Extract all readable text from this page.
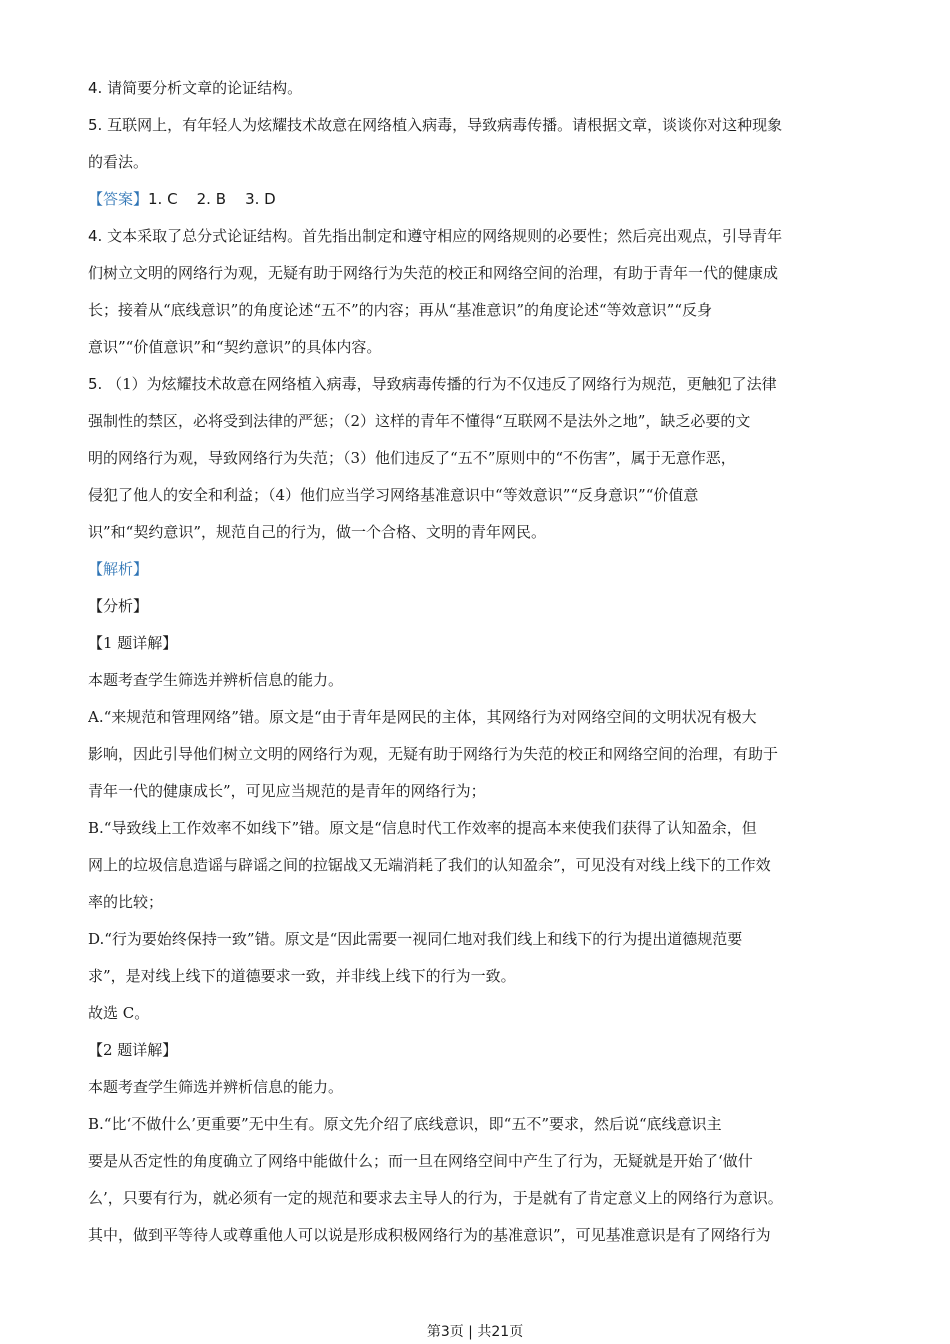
4. 请简要分析文章的论证结构。
5. 互联网上，有年轻人为炫耀技术故意在网络植入病毒，导致病毒传播。请根据文章，谈谈你对这种现象
的看法。
【答案】1. C    2. B    3. D
4. 文本采取了总分式论证结构。首先指出制定和遵守相应的网络规则的必要性；然后亮出观点，引导青年
们树立文明的网络行为观，无疑有助于网络行为失范的校正和网络空间的治理，有助于青年一代的健康成
长；接着从“底线意识”的角度论述“五不”的内容；再从“基准意识”的角度论述“等效意识”“反身
意识”“价值意识”和“契约意识”的具体内容。
5. （1）为炫耀技术故意在网络植入病毒，导致病毒传播的行为不仅违反了网络行为规范，更触犯了法律
强制性的禁区，必将受到法律的严惩；（2）这样的青年不懂得“互联网不是法外之地”，缺乏必要的文
明的网络行为观，导致网络行为失范；（3）他们违反了“五不”原则中的“不伤害”，属于无意作恶，
侵犯了他人的安全和利益；（4）他们应当学习网络基准意识中“等效意识”“反身意识”“价值意
识”和“契约意识”，规范自己的行为，做一个合格、文明的青年网民。
【解析】
【分析】
【1 题详解】
本题考查学生筛选并辨析信息的能力。
A.“来规范和管理网络”错。原文是“由于青年是网民的主体，其网络行为对网络空间的文明状况有极大
影响，因此引导他们树立文明的网络行为观，无疑有助于网络行为失范的校正和网络空间的治理，有助于
青年一代的健康成长”，可见应当规范的是青年的网络行为；
B.“导致线上工作效率不如线下”错。原文是“信息时代工作效率的提高本来使我们获得了认知盈余，但
网上的垃圾信息造谣与辟谣之间的拉锯战又无端消耗了我们的认知盈余”，可见没有对线上线下的工作效
率的比较；
D.“行为要始终保持一致”错。原文是“因此需要一视同仁地对我们线上和线下的行为提出道德规范要
求”，是对线上线下的道德要求一致，并非线上线下的行为一致。
故选 C。
【2 题详解】
本题考查学生筛选并辨析信息的能力。
B.“比‘不做什么’更重要”无中生有。原文先介绍了底线意识，即“五不”要求，然后说“底线意识主
要是从否定性的角度确立了网络中能做什么；而一旦在网络空间中产生了行为，无疑就是开始了‘做什
么’，只要有行为，就必须有一定的规范和要求去主导人的行为，于是就有了肯定意义上的网络行为意识。
其中，做到平等待人或尊重他人可以说是形成积极网络行为的基准意识”，可见基准意识是有了网络行为
第3页 | 共21页
